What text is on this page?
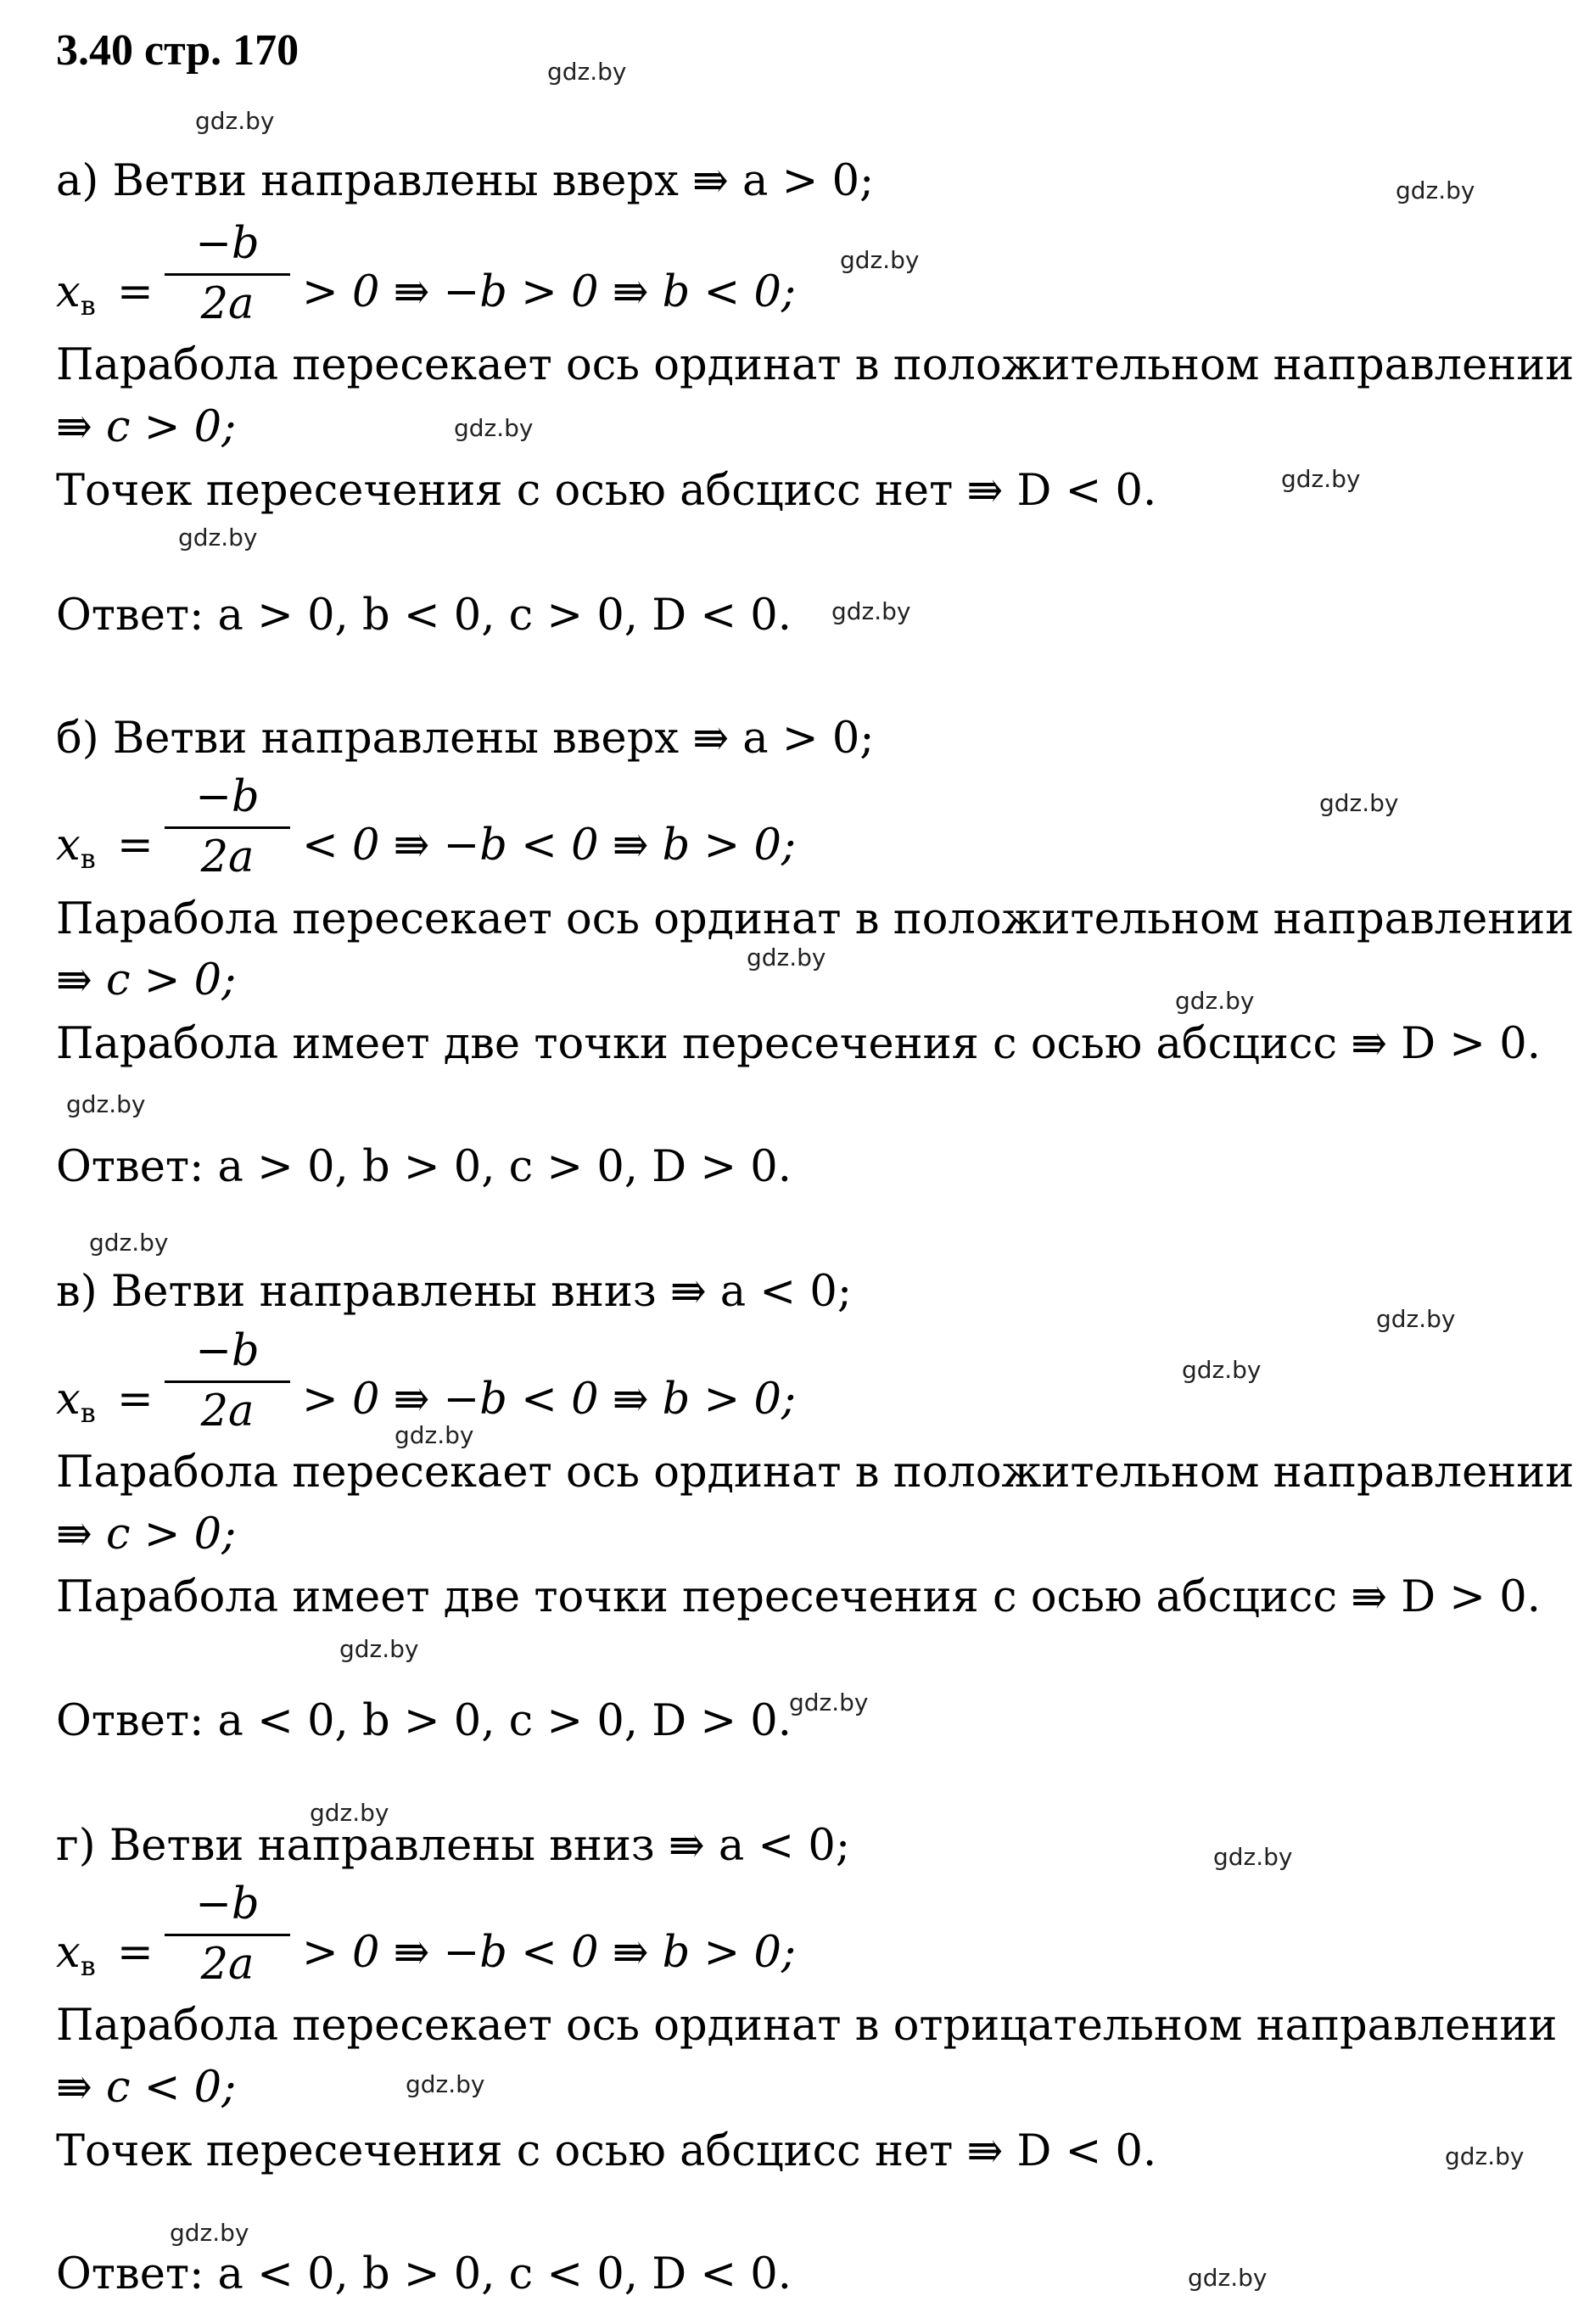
3.40 стр. 170
а) Ветви направлены вверх ⇛ a > 0;
$x_в$ =
−b
2a	> 0 ⇛ −b > 0 ⇛ b < 0;
Парабола пересекает ось ординат в положительном направлении
⇛ c > 0;
Точек пересечения с осью абсцисс нет ⇛ D < 0.
Ответ: a > 0, b < 0, c > 0, D < 0.
б) Ветви направлены вверх ⇛ a > 0;
$x_в$ =
−b
2a	< 0 ⇛ −b < 0 ⇛ b > 0;
Парабола пересекает ось ординат в положительном направлении
⇛ c > 0;
Парабола имеет две точки пересечения с осью абсцисс ⇛ D > 0.
Ответ: a > 0, b > 0, c > 0, D > 0.
в) Ветви направлены вниз ⇛ a < 0;
$x_в$ =
−b
2a	> 0 ⇛ −b < 0 ⇛ b > 0;
Парабола пересекает ось ординат в положительном направлении
⇛ c > 0;
Парабола имеет две точки пересечения с осью абсцисс ⇛ D > 0.
Ответ: a < 0, b > 0, c > 0, D > 0.
г) Ветви направлены вниз ⇛ a < 0;
$x_в$ =
−b
2a	> 0 ⇛ −b < 0 ⇛ b > 0;
Парабола пересекает ось ординат в отрицательном направлении
⇛ c < 0;
Точек пересечения с осью абсцисс нет ⇛ D < 0.
Ответ: a < 0, b > 0, c < 0, D < 0.
gdz.by
gdz.by
gdz.by
gdz.by
gdz.by
gdz.by
gdz.by
gdz.by
gdz.by
gdz.by
gdz.by
gdz.by
gdz.by
gdz.by
gdz.by
gdz.by
gdz.by
gdz.by
gdz.by
gdz.by
gdz.by
gdz.by
gdz.by
gdz.by
